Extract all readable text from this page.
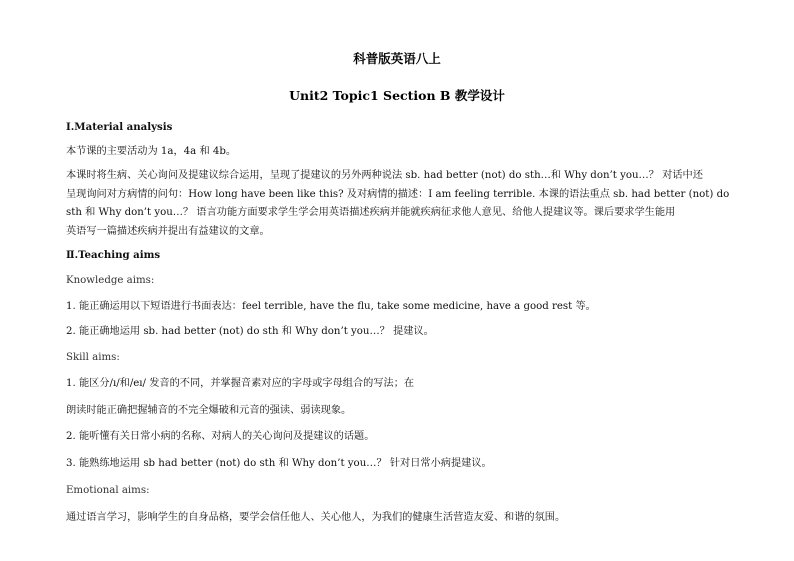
科普版英语八上
Unit2 Topic1 Section B 教学设计
Ⅰ.Material analysis
本节课的主要活动为 1a，4a 和 4b。
本课时将生病、关心询问及提建议综合运用，呈现了提建议的另外两种说法 sb. had better (not) do sth…和 Why don’t you…？ 对话中还
呈现询问对方病情的问句：How long have been like this? 及对病情的描述：I am feeling terrible. 本课的语法重点 sb. had better (not) do
sth 和 Why don’t you…？ 语言功能方面要求学生学会用英语描述疾病并能就疾病征求他人意见、给他人提建议等。课后要求学生能用
英语写一篇描述疾病并提出有益建议的文章。
Ⅱ.Teaching aims
Knowledge aims:
1. 能正确运用以下短语进行书面表达：feel terrible, have the flu, take some medicine, have a good rest 等。
2. 能正确地运用 sb. had better (not) do sth 和 Why don’t you…？ 提建议。
Skill aims:
1. 能区分/ı/和/eı/ 发音的不同，并掌握音素对应的字母或字母组合的写法；在
朗读时能正确把握辅音的不完全爆破和元音的强读、弱读现象。
2. 能听懂有关日常小病的名称、对病人的关心询问及提建议的话题。
3. 能熟练地运用 sb had better (not) do sth 和 Why don’t you…？ 针对日常小病提建议。
Emotional aims:
通过语言学习，影响学生的自身品格，要学会信任他人、关心他人，为我们的健康生活营造友爱、和谐的氛围。
